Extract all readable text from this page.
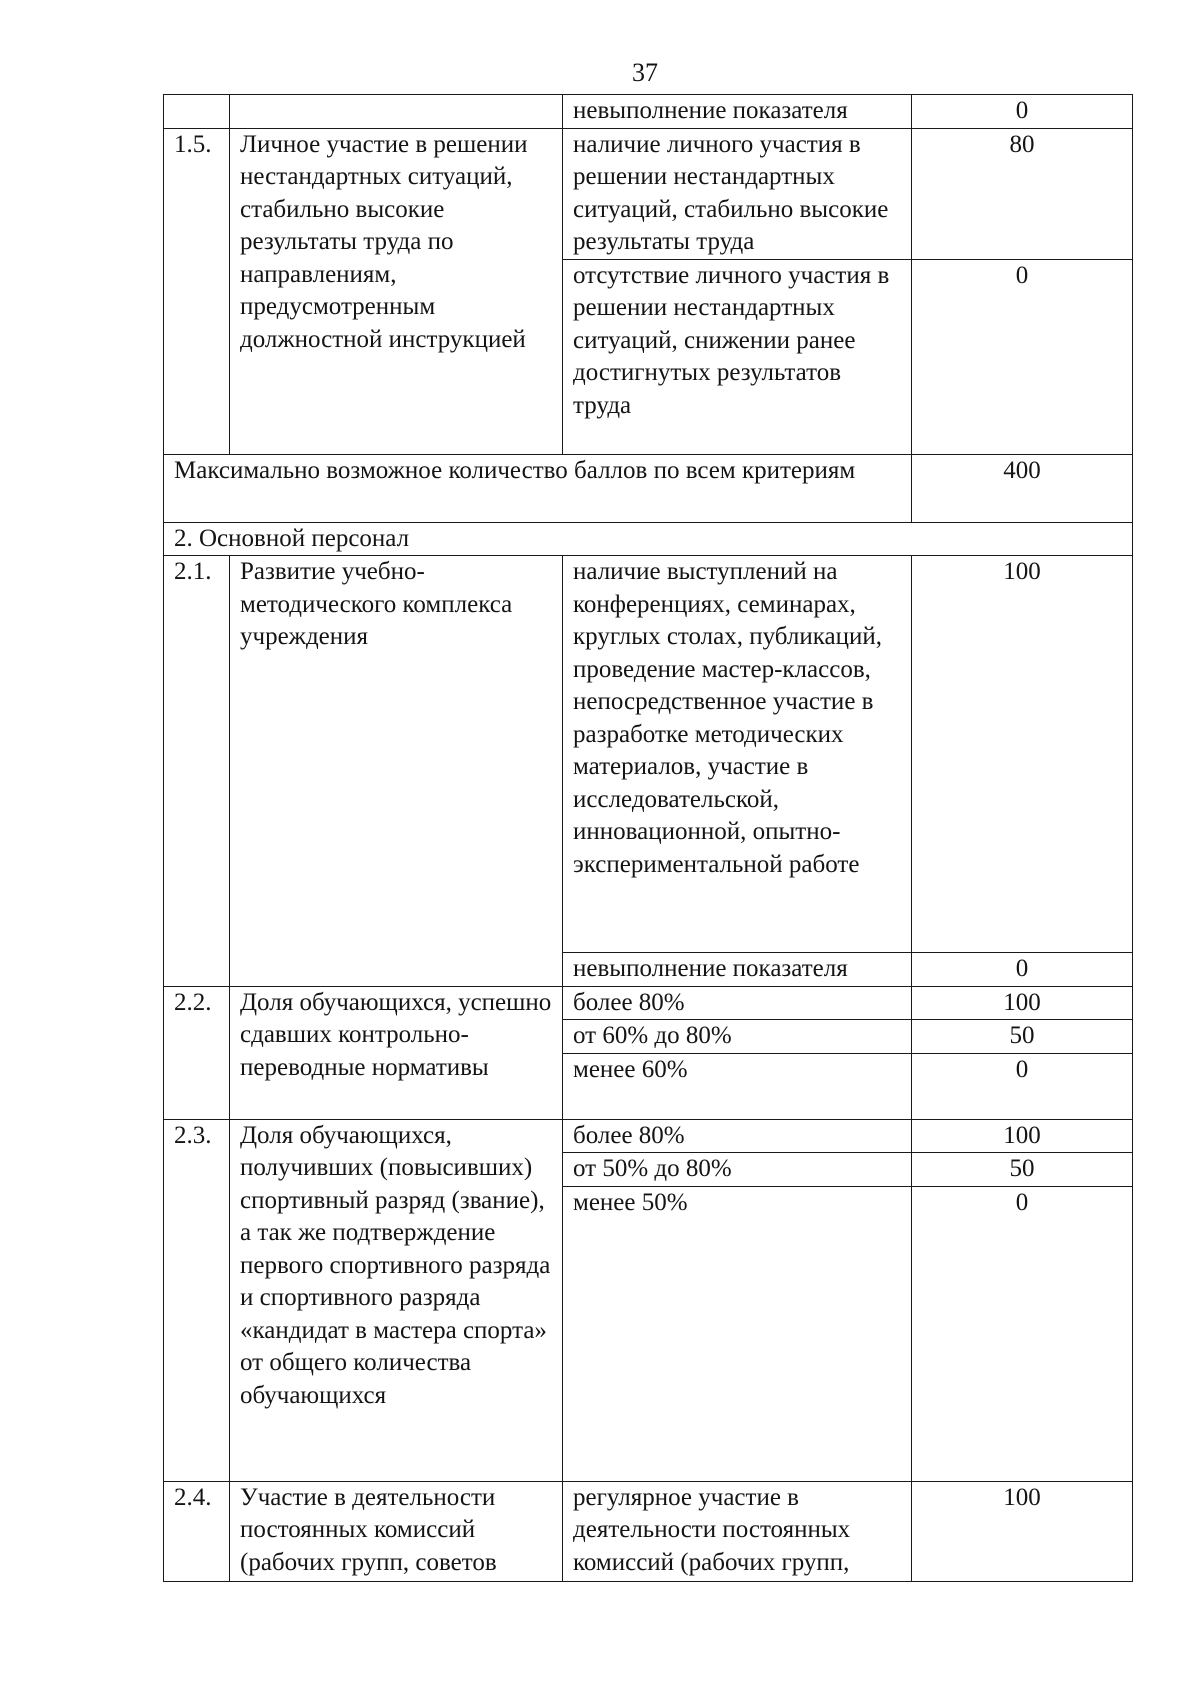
37
		невыполнение показателя	0
1.5.	Личное участие в решении нестандартных ситуаций, стабильно высокие результаты труда по направлениям, предусмотренным должностной инструкцией	наличие личного участия в решении нестандартных ситуаций, стабильно высокие результаты труда	80
		отсутствие личного участия в решении нестандартных ситуаций, снижении ранее достигнутых результатов труда	0
Максимально возможное количество баллов по всем критериям			400
2. Основной персонал			
2.1.	Развитие учебно-методического комплекса учреждения	наличие выступлений на конференциях, семинарах, круглых столах, публикаций, проведение мастер-классов, непосредственное участие в разработке методических материалов, участие в исследовательской, инновационной, опытно-экспериментальной работе	100
		невыполнение показателя	0
2.2.	Доля обучающихся, успешно сдавших контрольно-переводные нормативы	более 80%	100
		от 60% до 80%	50
		менее 60%	0
2.3.	Доля обучающихся, получивших (повысивших) спортивный разряд (звание), а так же подтверждение первого спортивного разряда и спортивного разряда «кандидат в мастера спорта» от общего количества обучающихся	более 80%	100
		от 50% до 80%	50
		менее 50%	0
2.4.	Участие в деятельности постоянных комиссий (рабочих групп, советов	регулярное участие в деятельности постоянных комиссий (рабочих групп,	100
